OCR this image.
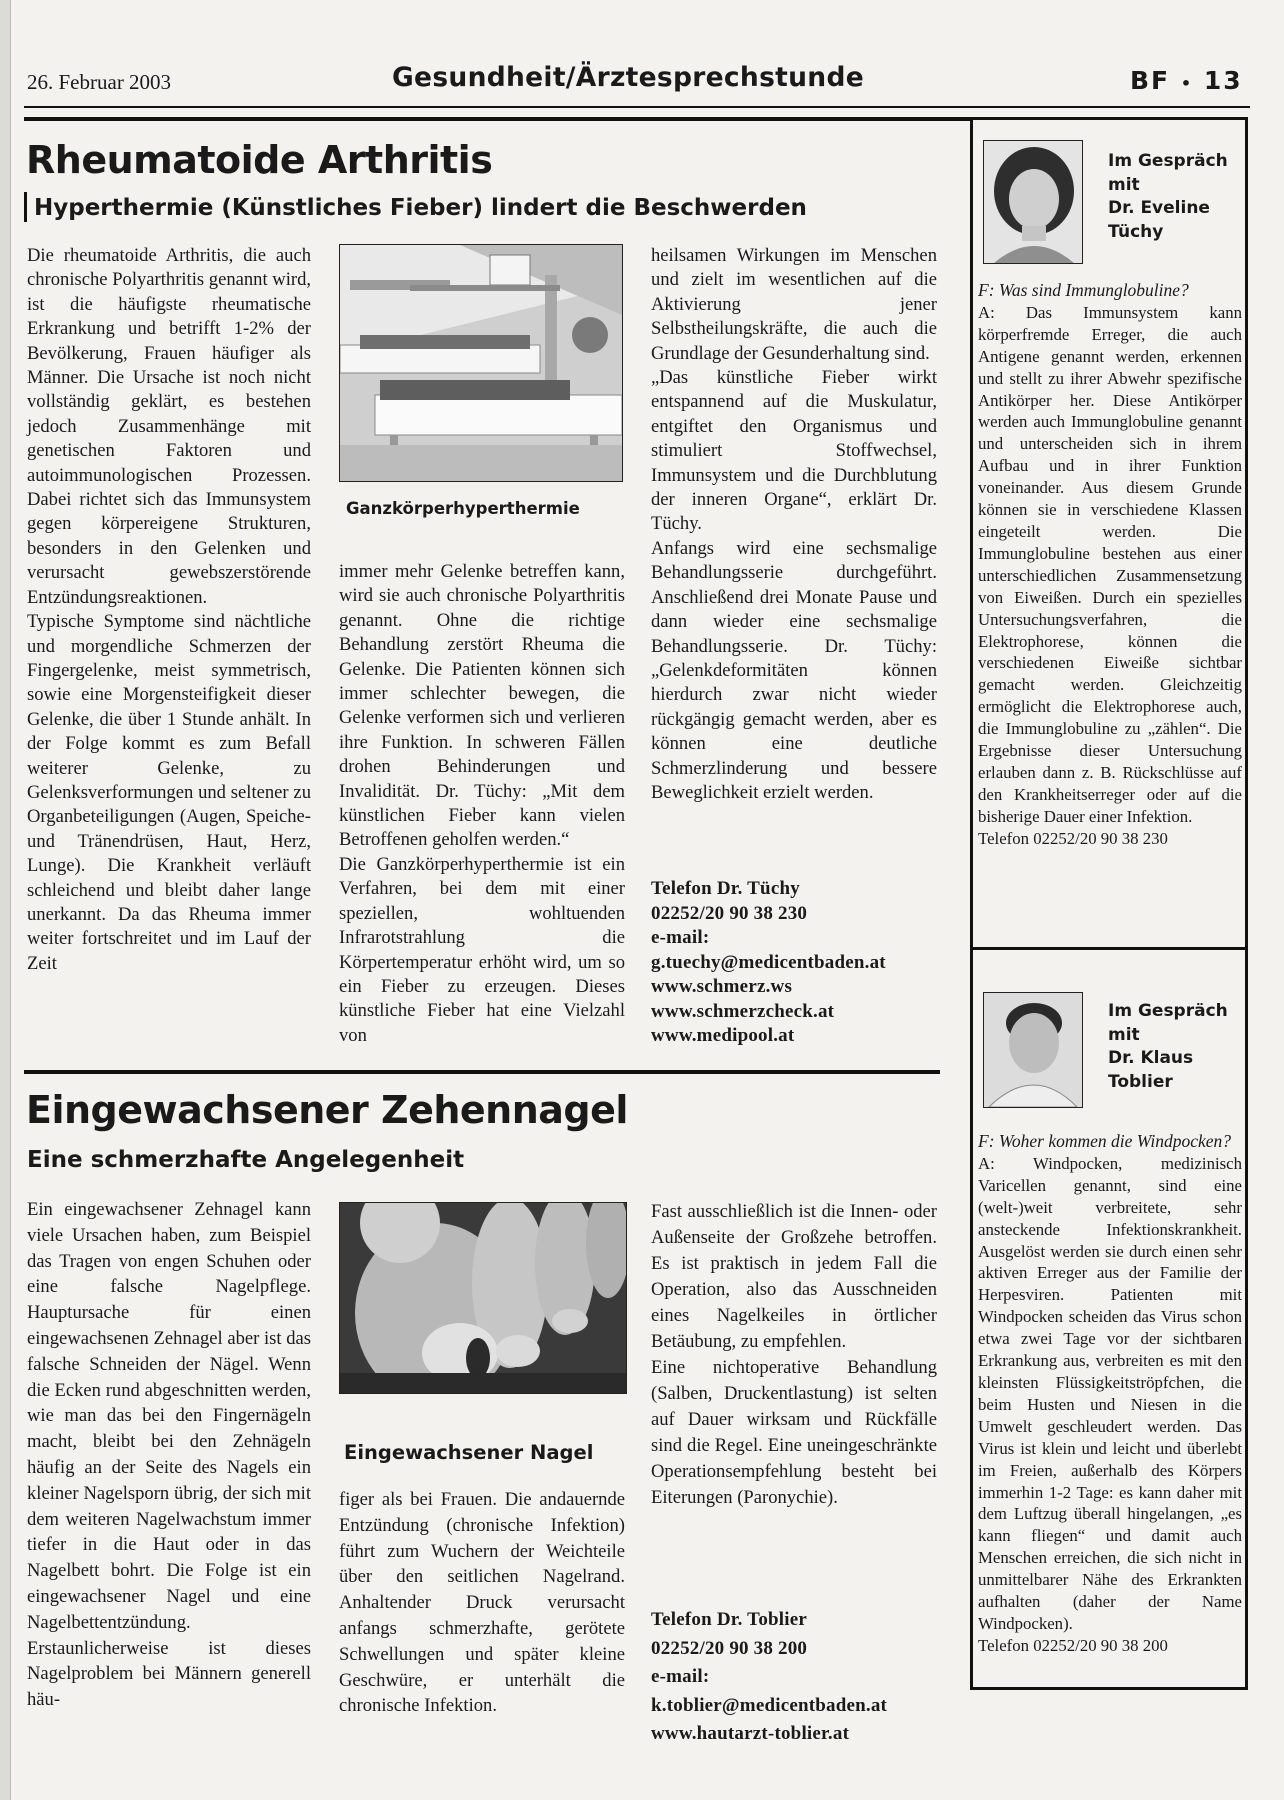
26. Februar 2003	Gesundheit/Ärztesprechstunde	BF • 13
Rheumatoide Arthritis
Hyperthermie (Künstliches Fieber) lindert die Beschwerden

Die rheumatoide Arthritis, die auch chronische Polyarthritis genannt wird, ist die häufigste rheumatische Erkrankung und betrifft 1-2% der Bevölkerung, Frauen häufiger als Männer. Die Ursache ist noch nicht vollständig geklärt, es bestehen jedoch Zusammenhänge mit genetischen Faktoren und autoimmunologischen Prozessen. Dabei richtet sich das Immunsystem gegen körpereigene Strukturen, besonders in den Gelenken und verursacht gewebszerstörende Entzündungsreaktionen.

Typische Symptome sind nächtliche und morgendliche Schmerzen der Fingergelenke, meist symmetrisch, sowie eine Morgensteifigkeit dieser Gelenke, die über 1 Stunde anhält. In der Folge kommt es zum Befall weiterer Gelenke, zu Gelenksverformungen und seltener zu Organbeteiligungen (Augen, Speiche- und Tränendrüsen, Haut, Herz, Lunge). Die Krankheit verläuft schleichend und bleibt daher lange unerkannt. Da das Rheuma immer weiter fortschreitet und im Lauf der Zeit

Ganzkörperhyperthermie

immer mehr Gelenke betreffen kann, wird sie auch chronische Polyarthritis genannt. Ohne die richtige Behandlung zerstört Rheuma die Gelenke. Die Patienten können sich immer schlechter bewegen, die Gelenke verformen sich und verlieren ihre Funktion. In schweren Fällen drohen Behinderungen und Invalidität. Dr. Tüchy: „Mit dem künstlichen Fieber kann vielen Betroffenen geholfen werden.“

Die Ganzkörperhyperthermie ist ein Verfahren, bei dem mit einer speziellen, wohltuenden Infrarotstrahlung die Körpertemperatur erhöht wird, um so ein Fieber zu erzeugen. Dieses künstliche Fieber hat eine Vielzahl von

heilsamen Wirkungen im Menschen und zielt im wesentlichen auf die Aktivierung jener Selbstheilungskräfte, die auch die Grundlage der Gesunderhaltung sind.

„Das künstliche Fieber wirkt entspannend auf die Muskulatur, entgiftet den Organismus und stimuliert Stoffwechsel, Immunsystem und die Durchblutung der inneren Organe“, erklärt Dr. Tüchy.

Anfangs wird eine sechsmalige Behandlungsserie durchgeführt. Anschließend drei Monate Pause und dann wieder eine sechsmalige Behandlungsserie. Dr. Tüchy: „Gelenkdeformitäten können hierdurch zwar nicht wieder rückgängig gemacht werden, aber es können eine deutliche Schmerzlinderung und bessere Beweglichkeit erzielt werden.

Telefon Dr. Tüchy
02252/20 90 38 230
e-mail:
g.tuechy@medicentbaden.at
www.schmerz.ws
www.schmerzcheck.at
www.medipool.at
Eingewachsener Zehennagel
Eine schmerzhafte Angelegenheit

Ein eingewachsener Zehnagel kann viele Ursachen haben, zum Beispiel das Tragen von engen Schuhen oder eine falsche Nagelpflege. Hauptursache für einen eingewachsenen Zehnagel aber ist das falsche Schneiden der Nägel. Wenn die Ecken rund abgeschnitten werden, wie man das bei den Fingernägeln macht, bleibt bei den Zehnägeln häufig an der Seite des Nagels ein kleiner Nagelsporn übrig, der sich mit dem weiteren Nagelwachstum immer tiefer in die Haut oder in das Nagelbett bohrt. Die Folge ist ein eingewachsener Nagel und eine Nagelbettentzündung. Erstaunlicherweise ist dieses Nagelproblem bei Männern generell häu-

Eingewachsener Nagel

figer als bei Frauen. Die andauernde Entzündung (chronische Infektion) führt zum Wuchern der Weichteile über den seitlichen Nagelrand. Anhaltender Druck verursacht anfangs schmerzhafte, gerötete Schwellungen und später kleine Geschwüre, er unterhält die chronische Infektion.

Fast ausschließlich ist die Innen- oder Außenseite der Großzehe betroffen. Es ist praktisch in jedem Fall die Operation, also das Ausschneiden eines Nagelkeiles in örtlicher Betäubung, zu empfehlen.

Eine nichtoperative Behandlung (Salben, Druckentlastung) ist selten auf Dauer wirksam und Rückfälle sind die Regel. Eine uneingeschränkte Operationsempfehlung besteht bei Eiterungen (Paronychie).

Telefon Dr. Toblier
02252/20 90 38 200
e-mail:
k.toblier@medicentbaden.at
www.hautarzt-toblier.at
Im Gespräch
mit
Dr. Eveline
Tüchy

F: Was sind Immunglobuline?

A: Das Immunsystem kann körperfremde Erreger, die auch Antigene genannt werden, erkennen und stellt zu ihrer Abwehr spezifische Antikörper her. Diese Antikörper werden auch Immunglobuline genannt und unterscheiden sich in ihrem Aufbau und in ihrer Funktion voneinander. Aus diesem Grunde können sie in verschiedene Klassen eingeteilt werden. Die Immunglobuline bestehen aus einer unterschiedlichen Zusammensetzung von Eiweißen. Durch ein spezielles Untersuchungsverfahren, die Elektrophorese, können die verschiedenen Eiweiße sichtbar gemacht werden. Gleichzeitig ermöglicht die Elektrophorese auch, die Immunglobuline zu „zählen“. Die Ergebnisse dieser Untersuchung erlauben dann z. B. Rückschlüsse auf den Krankheitserreger oder auf die bisherige Dauer einer Infektion.

Telefon 02252/20 90 38 230

Im Gespräch
mit
Dr. Klaus
Toblier

F: Woher kommen die Windpocken?

A: Windpocken, medizinisch Varicellen genannt, sind eine (welt-)weit verbreitete, sehr ansteckende Infektionskrankheit. Ausgelöst werden sie durch einen sehr aktiven Erreger aus der Familie der Herpesviren. Patienten mit Windpocken scheiden das Virus schon etwa zwei Tage vor der sichtbaren Erkrankung aus, verbreiten es mit den kleinsten Flüssigkeitströpfchen, die beim Husten und Niesen in die Umwelt geschleudert werden. Das Virus ist klein und leicht und überlebt im Freien, außerhalb des Körpers immerhin 1-2 Tage: es kann daher mit dem Luftzug überall hingelangen, „es kann fliegen“ und damit auch Menschen erreichen, die sich nicht in unmittelbarer Nähe des Erkrankten aufhalten (daher der Name Windpocken).

Telefon 02252/20 90 38 200
